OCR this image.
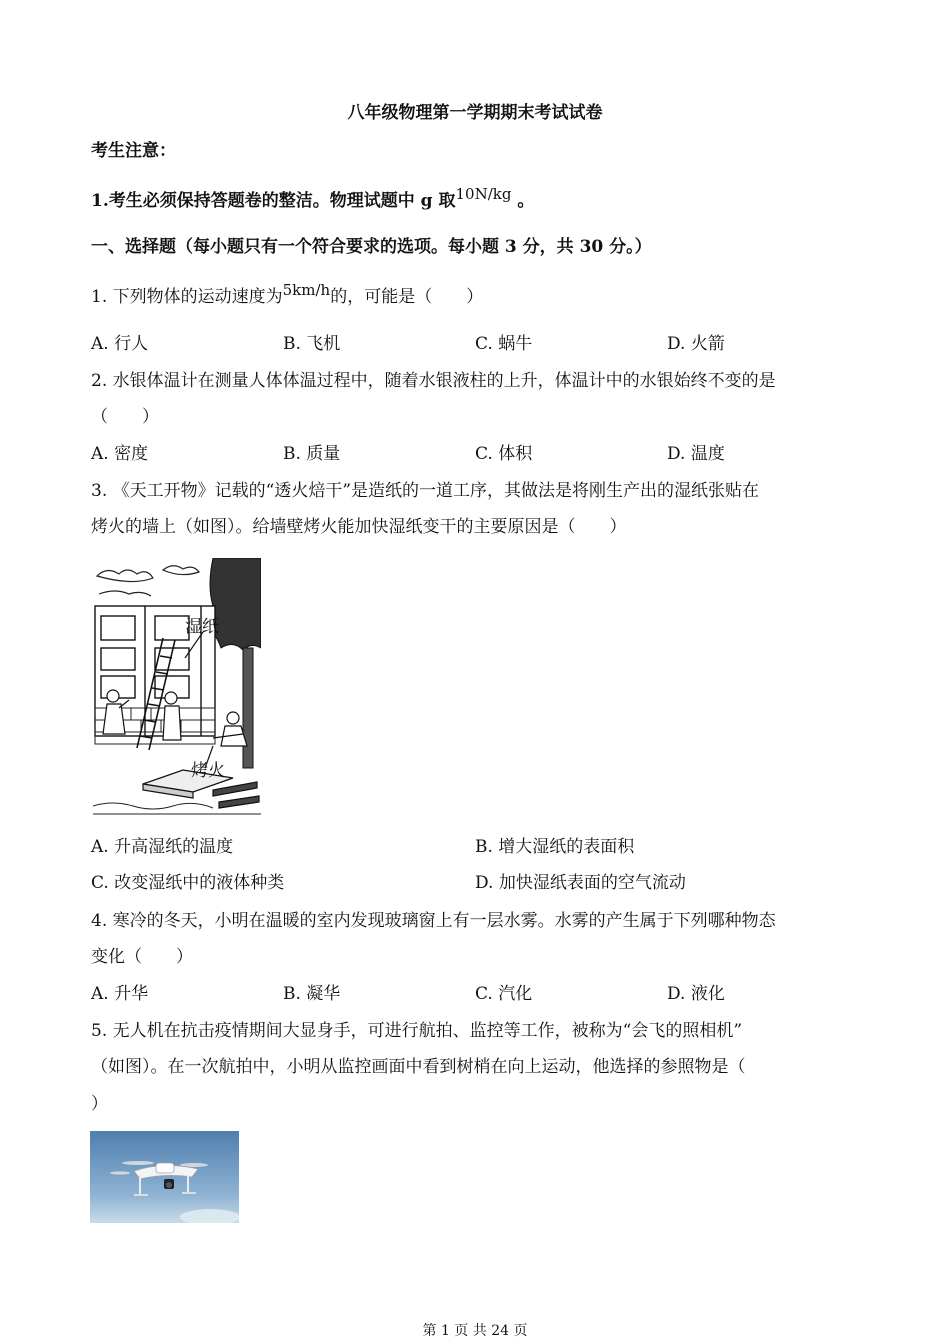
八年级物理第一学期期末考试试卷
考生注意：
1.考生必须保持答题卷的整洁。物理试题中 g 取10N/kg 。
一、选择题（每小题只有一个符合要求的选项。每小题 3 分，共 30 分。）
1. 下列物体的运动速度为5km/h的，可能是（　　）
A. 行人	B. 飞机	C. 蜗牛	D. 火箭
2. 水银体温计在测量人体体温过程中，随着水银液柱的上升，体温计中的水银始终不变的是
（　　）
A. 密度	B. 质量	C. 体积	D. 温度
3. 《天工开物》记载的“透火焙干”是造纸的一道工序，其做法是将刚生产出的湿纸张贴在
烤火的墙上（如图）。给墙壁烤火能加快湿纸变干的主要原因是（　　）
湿纸
烤火
A. 升高湿纸的温度	B. 增大湿纸的表面积
C. 改变湿纸中的液体种类	D. 加快湿纸表面的空气流动
4. 寒冷的冬天，小明在温暖的室内发现玻璃窗上有一层水雾。水雾的产生属于下列哪种物态
变化（　　）
A. 升华	B. 凝华	C. 汽化	D. 液化
5. 无人机在抗击疫情期间大显身手，可进行航拍、监控等工作，被称为“会飞的照相机”
（如图）。在一次航拍中，小明从监控画面中看到树梢在向上运动，他选择的参照物是（
）
第 1 页 共 24 页
